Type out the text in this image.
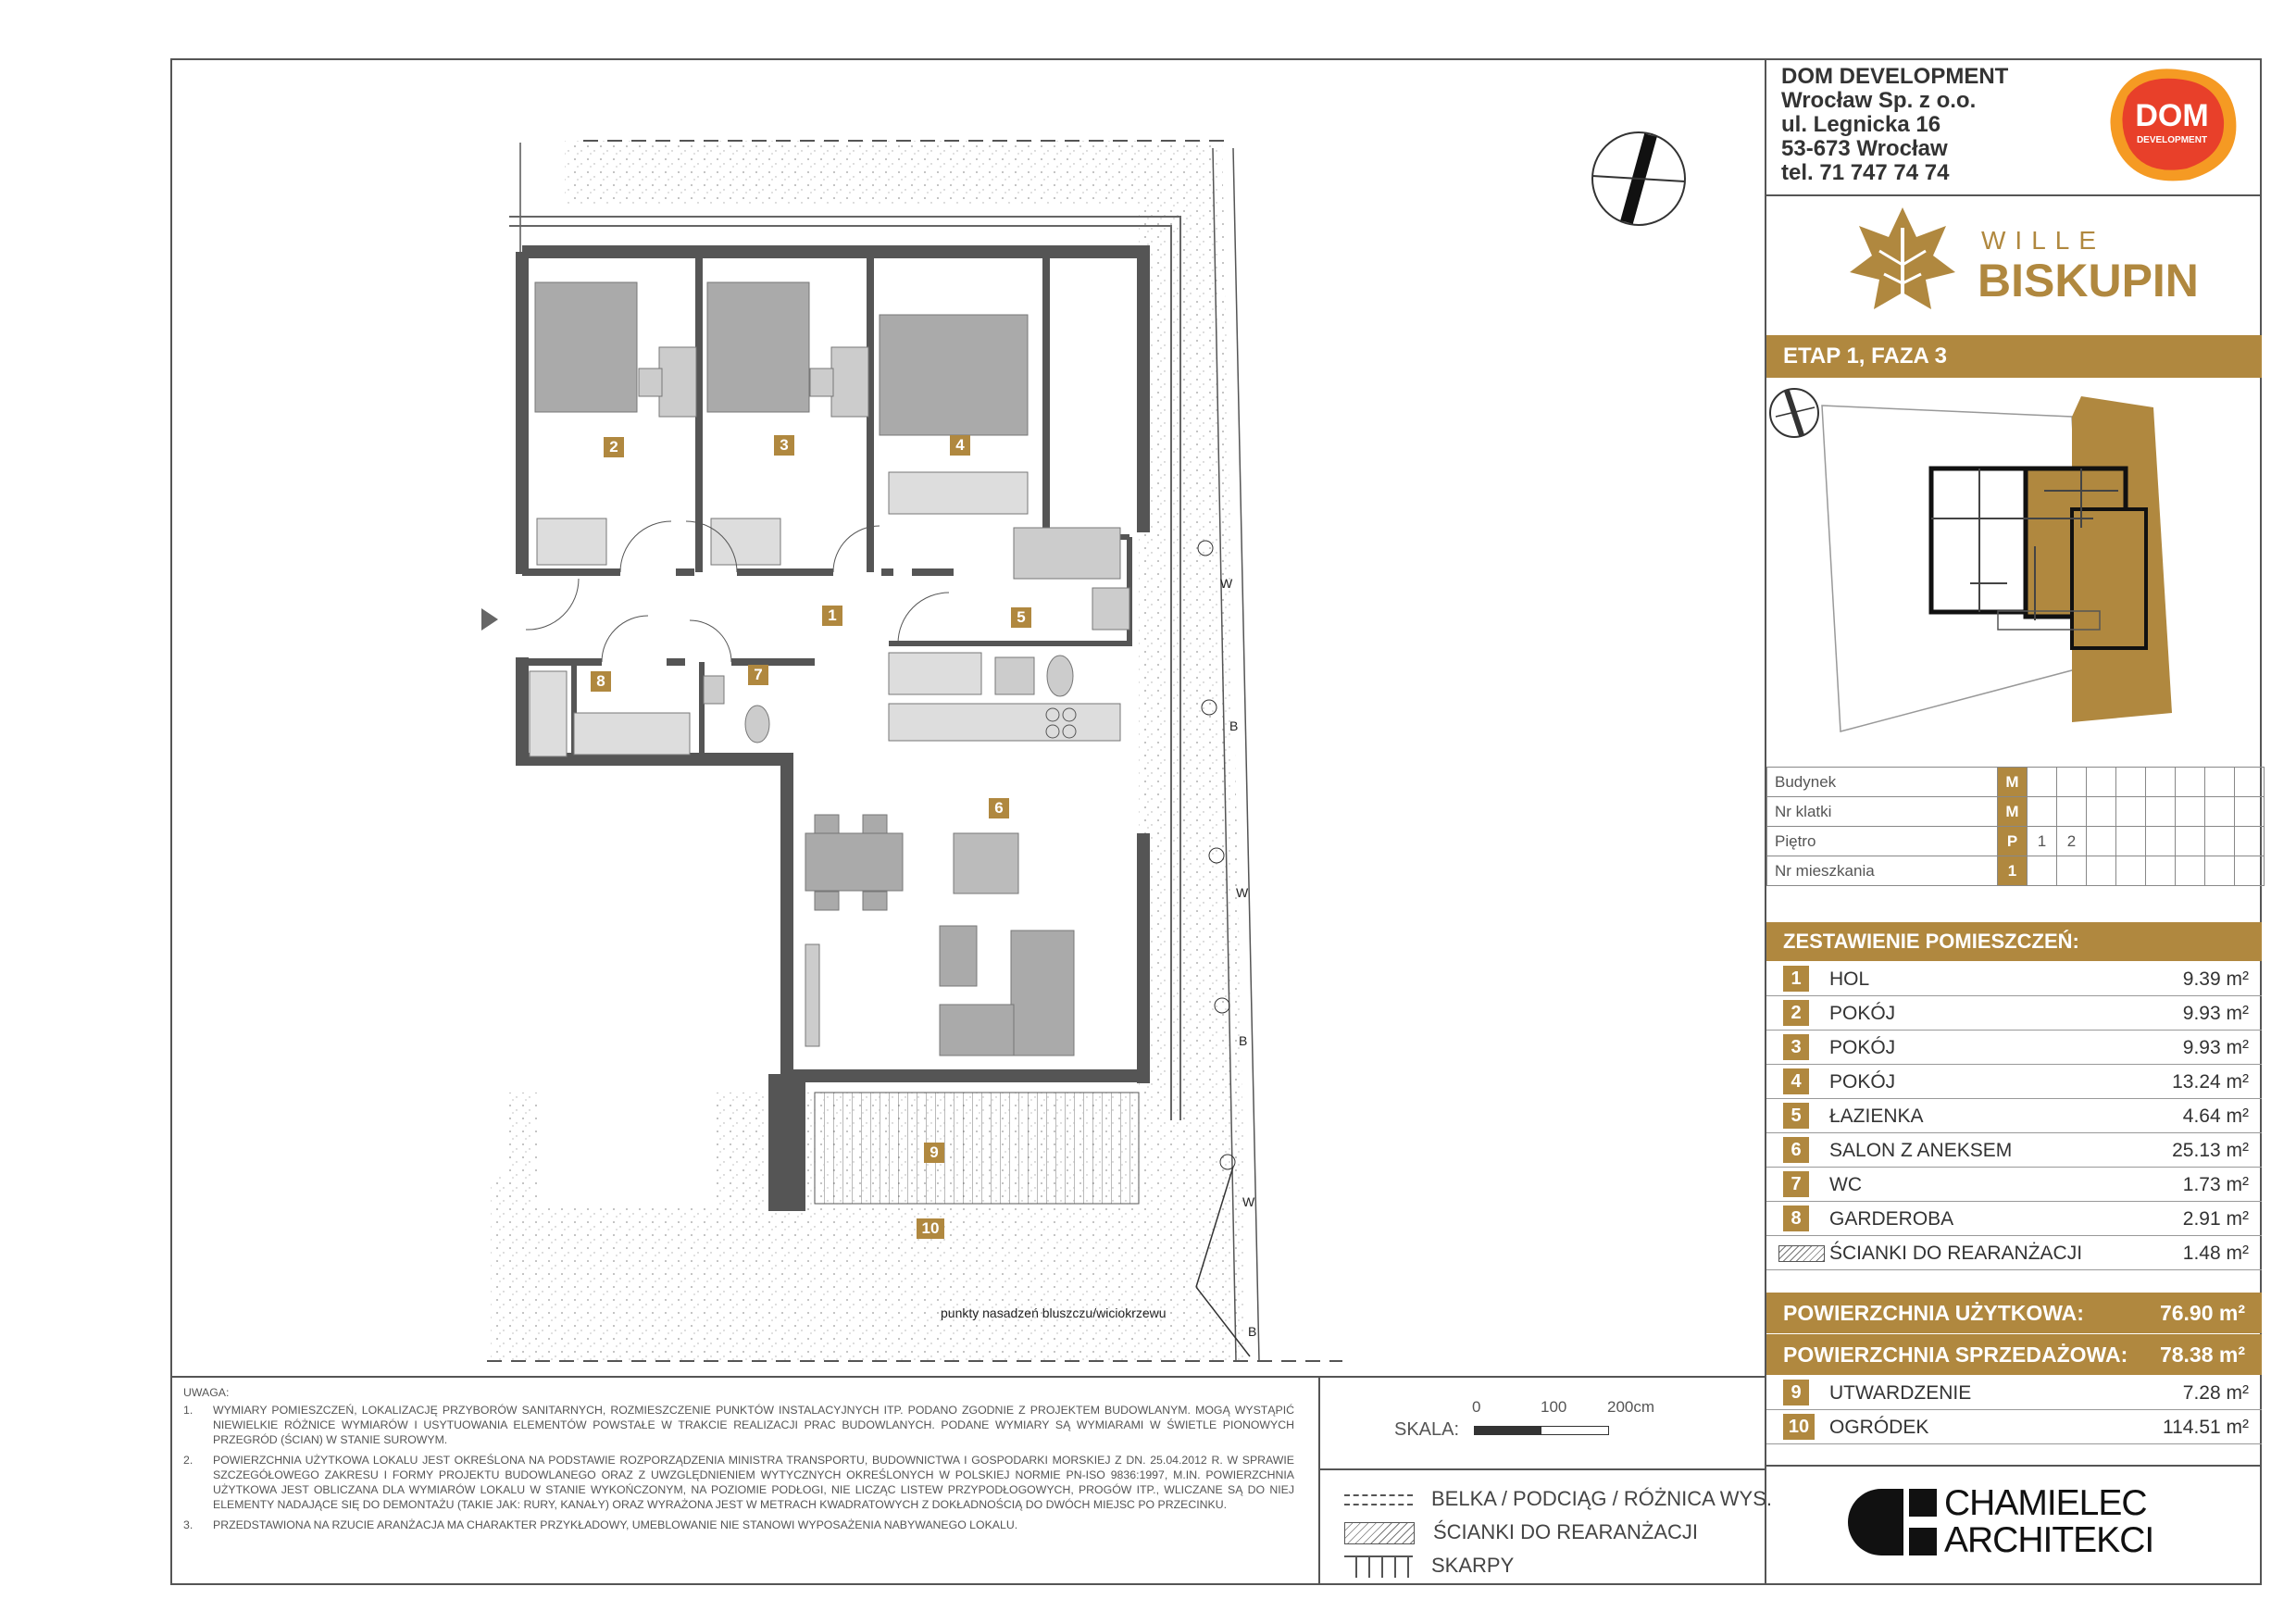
DOM DEVELOPMENT
Wrocław Sp. z o.o.
ul. Legnicka 16
53-673 Wrocław
tel. 71 747 74 74
DOM
DEVELOPMENT
WILLE
BISKUPIN
ETAP 1, FAZA 3
Budynek	M								
Nr klatki	M								
Piętro	P	1	2						
Nr mieszkania	1								
ZESTAWIENIE POMIESZCZEŃ:
1	HOL	9.39 m²
2	POKÓJ	9.93 m²
3	POKÓJ	9.93 m²
4	POKÓJ	13.24 m²
5	ŁAZIENKA	4.64 m²
6	SALON Z ANEKSEM	25.13 m²
7	WC	1.73 m²
8	GARDEROBA	2.91 m²
ŚCIANKI DO REARANŻACJI	1.48 m²
POWIERZCHNIA UŻYTKOWA:	76.90 m²
POWIERZCHNIA SPRZEDAŻOWA: 78.38 m²
9	UTWARDZENIE	7.28 m²
10 OGRÓDEK	114.51 m²
CHAMIELEC
ARCHITEKCI
UWAGA:
1. WYMIARY POMIESZCZEŃ, LOKALIZACJĘ PRZYBORÓW SANITARNYCH, ROZMIESZCZENIE PUNKTÓW INSTALACYJNYCH ITP. PODANO ZGODNIE Z PROJEKTEM BUDOWLANYM. MOGĄ WYSTĄPIĆ NIEWIELKIE RÓŻNICE WYMIARÓW I USYTUOWANIA ELEMENTÓW POWSTAŁE W TRAKCIE REALIZACJI PRAC BUDOWLANYCH. PODANE WYMIARY SĄ WYMIARAMI W ŚWIETLE PIONOWYCH PRZEGRÓD (ŚCIAN) W STANIE SUROWYM.
2. POWIERZCHNIA UŻYTKOWA LOKALU JEST OKREŚLONA NA PODSTAWIE ROZPORZĄDZENIA MINISTRA TRANSPORTU, BUDOWNICTWA I GOSPODARKI MORSKIEJ Z DN. 25.04.2012 R. W SPRAWIE SZCZEGÓŁOWEGO ZAKRESU I FORMY PROJEKTU BUDOWLANEGO ORAZ Z UWZGLĘDNIENIEM WYTYCZNYCH OKREŚLONYCH W POLSKIEJ NORMIE PN-ISO 9836:1997, M.IN. POWIERZCHNIA UŻYTKOWA JEST OBLICZANA DLA WYMIARÓW LOKALU W STANIE WYKOŃCZONYM, NA POZIOMIE PODŁOGI, NIE LICZĄC LISTEW PRZYPODŁOGOWYCH, PROGÓW ITP., WLICZANE SĄ DO NIEJ ELEMENTY NADAJĄCE SIĘ DO DEMONTAŻU (TAKIE JAK: RURY, KANAŁY) ORAZ WYRAŻONA JEST W METRACH KWADRATOWYCH Z DOKŁADNOŚCIĄ DO DWÓCH MIEJSC PO PRZECINKU.
3. PRZEDSTAWIONA NA RZUCIE ARANŻACJA MA CHARAKTER PRZYKŁADOWY, UMEBLOWANIE NIE STANOWI WYPOSAŻENIA NABYWANEGO LOKALU.
SKALA:
0	100	200cm
BELKA / PODCIĄG / RÓŻNICA WYS.
ŚCIANKI DO REARANŻACJI
SKARPY
W
B
W
B
W
B
punkty nasadzeń bluszczu/wiciokrzewu
1
2	3	4
5
6
7
8
9
10
